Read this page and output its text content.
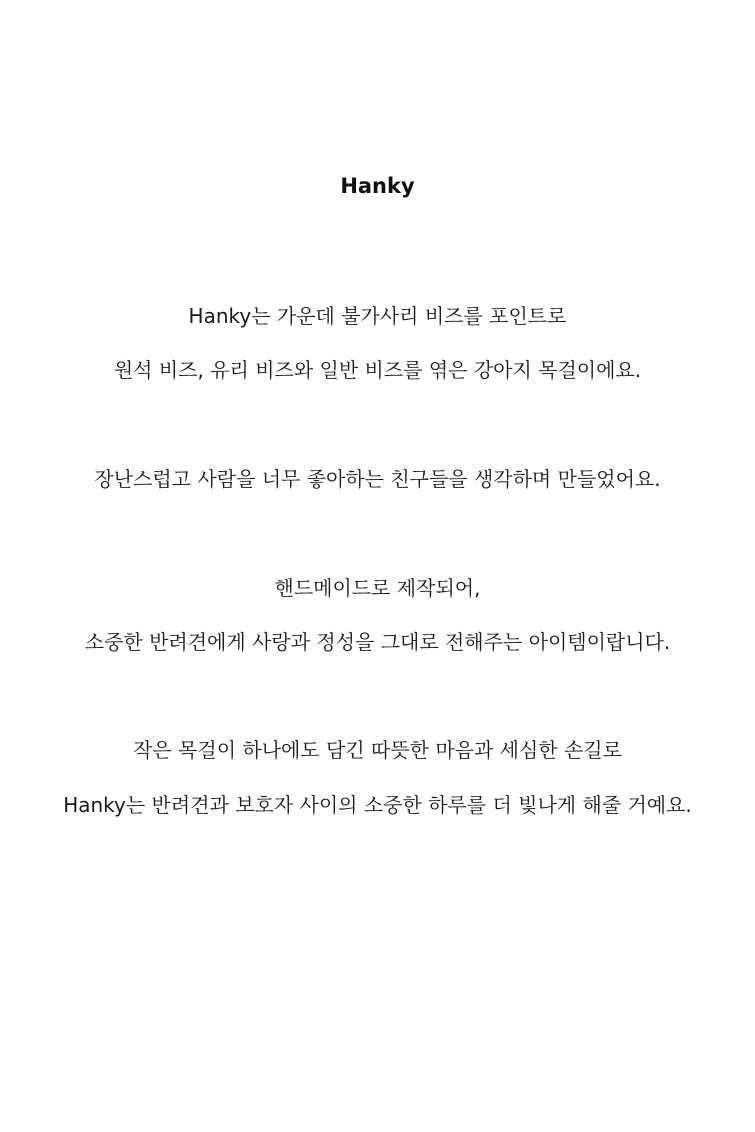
Hanky
Hanky는 가운데 불가사리 비즈를 포인트로
원석 비즈, 유리 비즈와 일반 비즈를 엮은 강아지 목걸이에요.
장난스럽고 사람을 너무 좋아하는 친구들을 생각하며 만들었어요.
핸드메이드로 제작되어,
소중한 반려견에게 사랑과 정성을 그대로 전해주는 아이템이랍니다.
작은 목걸이 하나에도 담긴 따뜻한 마음과 세심한 손길로
Hanky는 반려견과 보호자 사이의 소중한 하루를 더 빛나게 해줄 거예요.
